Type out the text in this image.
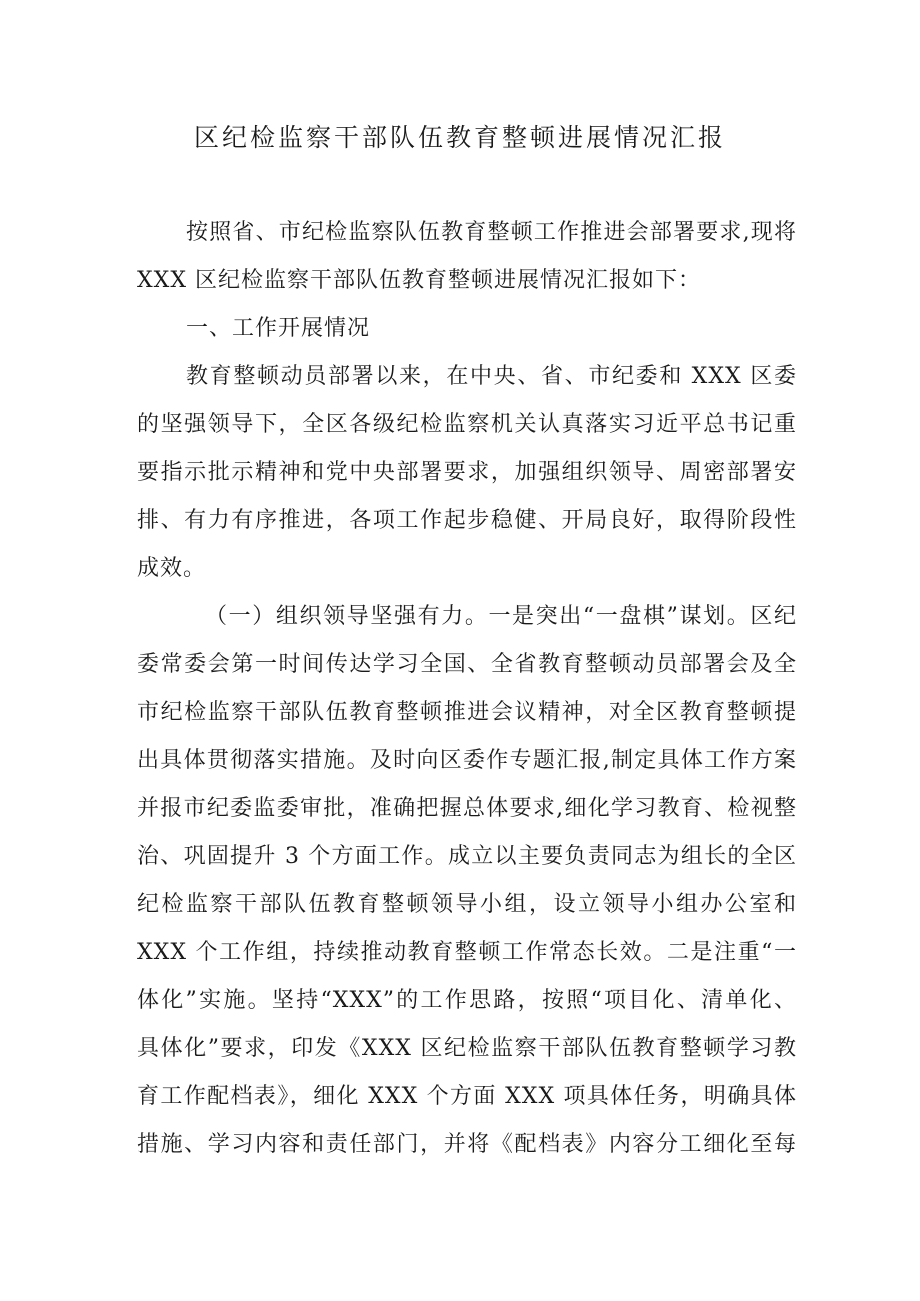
区纪检监察干部队伍教育整顿进展情况汇报
按照省、市纪检监察队伍教育整顿工作推进会部署要求,现将
XXX 区纪检监察干部队伍教育整顿进展情况汇报如下：
一、工作开展情况
教育整顿动员部署以来，在中央、省、市纪委和 XXX 区委
的坚强领导下，全区各级纪检监察机关认真落实习近平总书记重
要指示批示精神和党中央部署要求，加强组织领导、周密部署安
排、有力有序推进，各项工作起步稳健、开局良好，取得阶段性
成效。
（一）组织领导坚强有力。一是突出“一盘棋”谋划。区纪
委常委会第一时间传达学习全国、全省教育整顿动员部署会及全
市纪检监察干部队伍教育整顿推进会议精神，对全区教育整顿提
出具体贯彻落实措施。及时向区委作专题汇报,制定具体工作方案
并报市纪委监委审批，准确把握总体要求,细化学习教育、检视整
治、巩固提升 3 个方面工作。成立以主要负责同志为组长的全区
纪检监察干部队伍教育整顿领导小组，设立领导小组办公室和
XXX 个工作组，持续推动教育整顿工作常态长效。二是注重“一
体化”实施。坚持“XXX”的工作思路，按照“项目化、清单化、
具体化”要求，印发《XXX 区纪检监察干部队伍教育整顿学习教
育工作配档表》，细化 XXX 个方面 XXX 项具体任务，明确具体
措施、学习内容和责任部门，并将《配档表》内容分工细化至每
